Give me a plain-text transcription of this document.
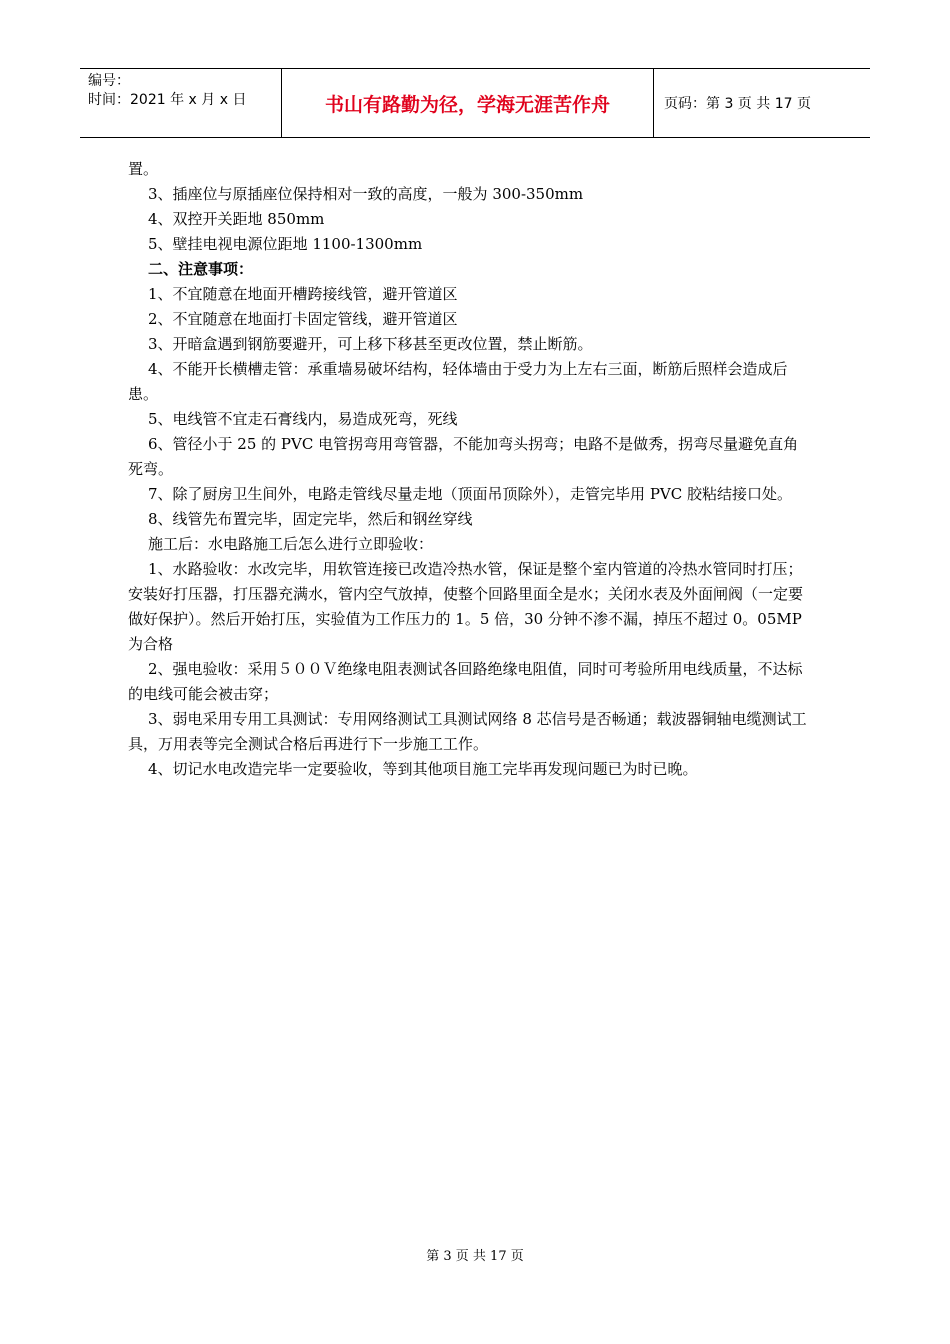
编号：
时间：2021 年 x 月 x 日	书山有路勤为径，学海无涯苦作舟	页码：第 3 页 共 17 页

置。

3、插座位与原插座位保持相对一致的高度，一般为 300-350mm

4、双控开关距地 850mm

5、壁挂电视电源位距地 1100-1300mm

二、注意事项：

1、不宜随意在地面开槽跨接线管，避开管道区

2、不宜随意在地面打卡固定管线，避开管道区

3、开暗盒遇到钢筋要避开，可上移下移甚至更改位置，禁止断筋。

4、不能开长横槽走管：承重墙易破坏结构，轻体墙由于受力为上左右三面，断筋后照样会造成后患。

5、电线管不宜走石膏线内，易造成死弯，死线

6、管径小于 25 的 PVC 电管拐弯用弯管器，不能加弯头拐弯；电路不是做秀，拐弯尽量避免直角死弯。

7、除了厨房卫生间外，电路走管线尽量走地（顶面吊顶除外），走管完毕用 PVC 胶粘结接口处。

8、线管先布置完毕，固定完毕，然后和钢丝穿线

施工后：水电路施工后怎么进行立即验收：

1、水路验收：水改完毕，用软管连接已改造冷热水管，保证是整个室内管道的冷热水管同时打压；安装好打压器，打压器充满水，管内空气放掉，使整个回路里面全是水；关闭水表及外面闸阀（一定要做好保护）。然后开始打压，实验值为工作压力的 1。5 倍，30 分钟不渗不漏，掉压不超过 0。05MP 为合格

2、强电验收：采用５００Ｖ绝缘电阻表测试各回路绝缘电阻值，同时可考验所用电线质量，不达标的电线可能会被击穿；

3、弱电采用专用工具测试：专用网络测试工具测试网络 8 芯信号是否畅通；载波器铜轴电缆测试工具，万用表等完全测试合格后再进行下一步施工工作。

4、切记水电改造完毕一定要验收，等到其他项目施工完毕再发现问题已为时已晚。

第 3 页 共 17 页
